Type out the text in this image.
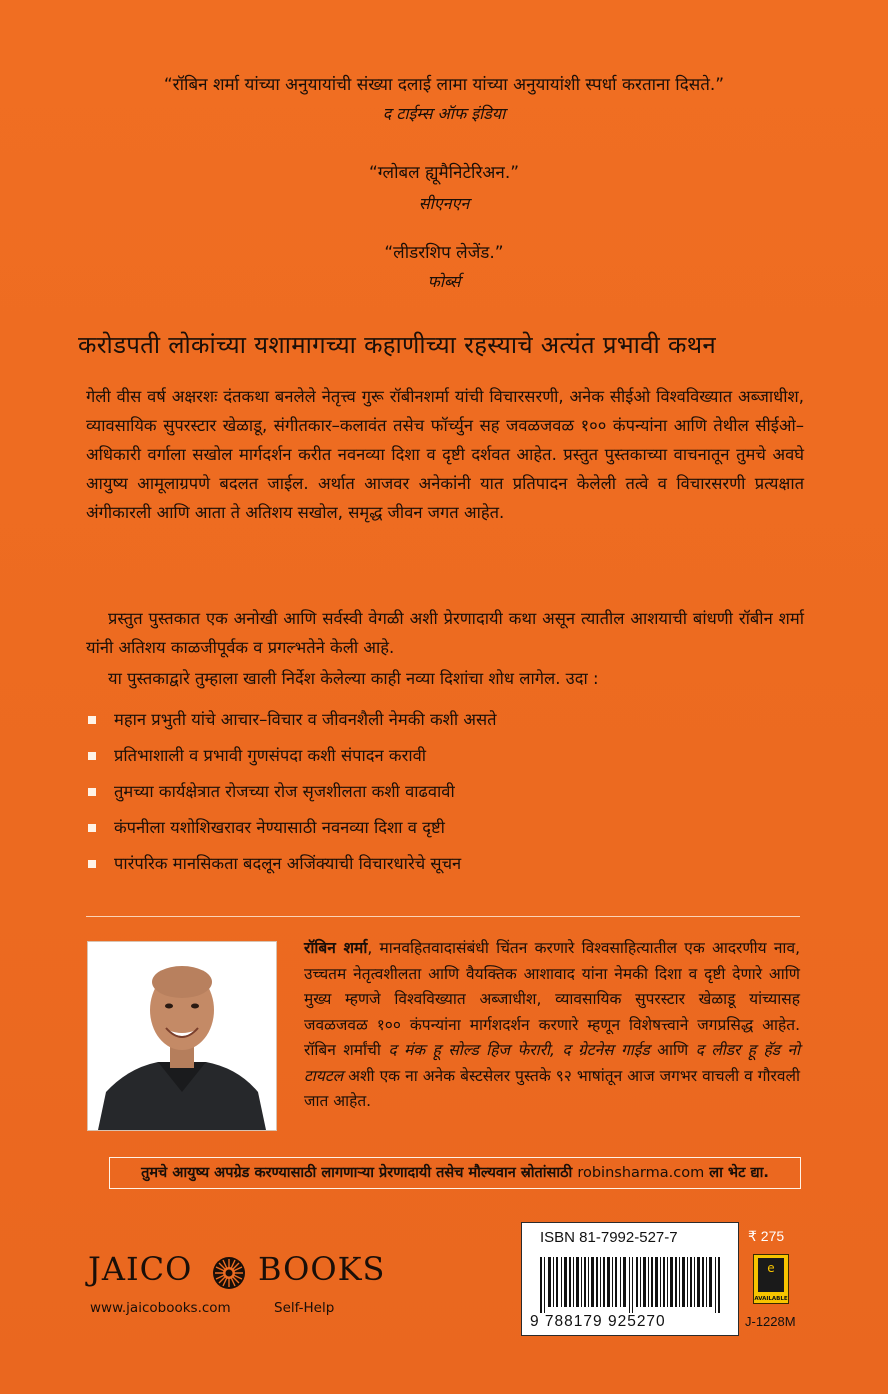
“रॉबिन शर्मा यांच्या अनुयायांची संख्या दलाई लामा यांच्या अनुयायांशी स्पर्धा करताना दिसते.”
द टाईम्स ऑफ इंडिया
“ग्लोबल ह्यूमैनिटेरिअन.”
सीएनएन
“लीडरशिप लेजेंड.”
फोर्ब्स
करोडपती लोकांच्या यशामागच्या कहाणीच्या रहस्याचे अत्यंत प्रभावी कथन
गेली वीस वर्ष अक्षरशः दंतकथा बनलेले नेतृत्त्व गुरू रॉबीनशर्मा यांची विचारसरणी, अनेक सीईओ विश्वविख्यात अब्जाधीश, व्यावसायिक सुपरस्टार खेळाडू, संगीतकार–कलावंत तसेच फॉर्च्युन सह जवळजवळ १०० कंपन्यांना आणि तेथील सीईओ–अधिकारी वर्गाला सखोल मार्गदर्शन करीत नवनव्या दिशा व दृष्टी दर्शवत आहेत. प्रस्तुत पुस्तकाच्या वाचनातून तुमचे अवघे आयुष्य आमूलाग्रपणे बदलत जाईल. अर्थात आजवर अनेकांनी यात प्रतिपादन केलेली तत्वे व विचारसरणी प्रत्यक्षात अंगीकारली आणि आता ते अतिशय सखोल, समृद्ध जीवन जगत आहेत.
प्रस्तुत पुस्तकात एक अनोखी आणि सर्वस्वी वेगळी अशी प्रेरणादायी कथा असून त्यातील आशयाची बांधणी रॉबीन शर्मा यांनी अतिशय काळजीपूर्वक व प्रगल्भतेने केली आहे.
या पुस्तकाद्वारे तुम्हाला खाली निर्देश केलेल्या काही नव्या दिशांचा शोध लागेल. उदा :
महान प्रभुती यांचे आचार–विचार व जीवनशैली नेमकी कशी असते
प्रतिभाशाली व प्रभावी गुणसंपदा कशी संपादन करावी
तुमच्या कार्यक्षेत्रात रोजच्या रोज सृजशीलता कशी वाढवावी
कंपनीला यशोशिखरावर नेण्यासाठी नवनव्या दिशा व दृष्टी
पारंपरिक मानसिकता बदलून अजिंक्याची विचारधारेचे सूचन
रॉबिन शर्मा, मानवहितवादासंबंधी चिंतन करणारे विश्वसाहित्यातील एक आदरणीय नाव, उच्चतम नेतृत्वशीलता आणि वैयक्तिक आशावाद यांना नेमकी दिशा व दृष्टी देणारे आणि मुख्य म्हणजे विश्वविख्यात अब्जाधीश, व्यावसायिक सुपरस्टार खेळाडू यांच्यासह जवळजवळ १०० कंपन्यांना मार्गशदर्शन करणारे म्हणून विशेषत्त्वाने जगप्रसिद्ध आहेत. रॉबिन शर्मांची द मंक हू सोल्ड हिज फेरारी, द ग्रेटनेस गाईड आणि द लीडर हू हॅड नो टायटल अशी एक ना अनेक बेस्टसेलर पुस्तके ९२ भाषांतून आज जगभर वाचली व गौरवली जात आहेत.
तुमचे आयुष्य अपग्रेड करण्यासाठी लागणाऱ्या प्रेरणादायी तसेच मौल्यवान स्रोतांसाठी robinsharma.com ला भेट द्या.
JAICO BOOKS
www.jaicobooks.com	Self-Help
ISBN 81-7992-527-7
9 788179 925270
₹ 275
e
AVAILABLE
J-1228M
